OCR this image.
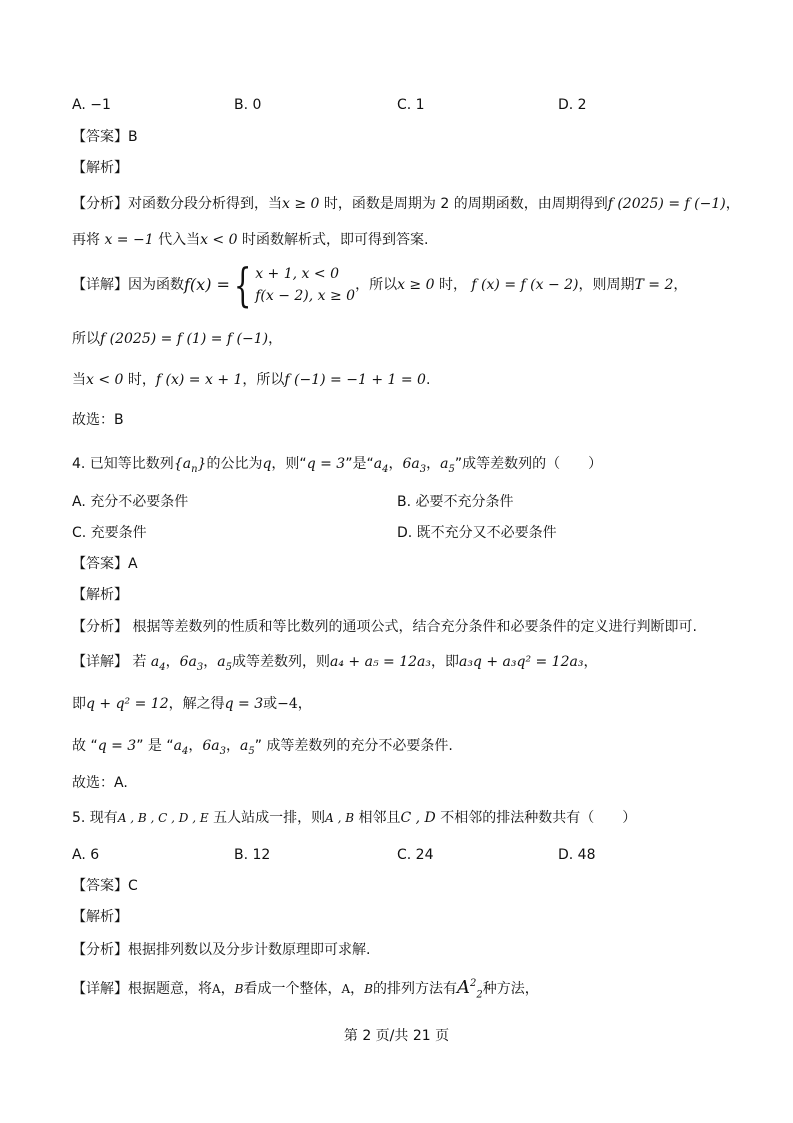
A. −1	B. 0	C. 1	D. 2
【答案】B
【解析】
【分析】对函数分段分析得到，当x ≥ 0 时，函数是周期为 2 的周期函数，由周期得到f (2025) = f (−1)，
再将 x = −1 代入当x < 0 时函数解析式，即可得到答案.
【详解】因为函数f(x) ={ x + 1, x < 0
f(x − 2), x ≥ 0
，所以x ≥ 0 时， f (x) = f (x − 2)，则周期T = 2，
所以f (2025) = f (1) = f (−1)，
当x < 0 时，f (x) = x + 1，所以f (−1) = −1 + 1 = 0.
故选：B
4. 已知等比数列$\{a_n\}$的公比为q，则“q = 3”是“$a_4$，$6a_3$，$a_5$”成等差数列的（　　）
A. 充分不必要条件	B. 必要不充分条件
C. 充要条件	D. 既不充分又不必要条件
【答案】A
【解析】
【分析】 根据等差数列的性质和等比数列的通项公式，结合充分条件和必要条件的定义进行判断即可.
【详解】 若 $a_4$，$6a_3$，$a_5$成等差数列，则a₄ + a₅ = 12a₃，即a₃q + a₃q² = 12a₃，
即q + q² = 12，解之得q = 3或−4，
故 “q = 3” 是 “$a_4$，$6a_3$，$a_5$” 成等差数列的充分不必要条件.
故选：A.
5. 现有A , B , C , D , E 五人站成一排，则A , B 相邻且C , D 不相邻的排法种数共有（　　）
A. 6	B. 12	C. 24	D. 48
【答案】C
【解析】
【分析】根据排列数以及分步计数原理即可求解.
【详解】根据题意，将A，B看成一个整体，A，B的排列方法有$A^2_2$种方法，
第 2 页/共 21 页
